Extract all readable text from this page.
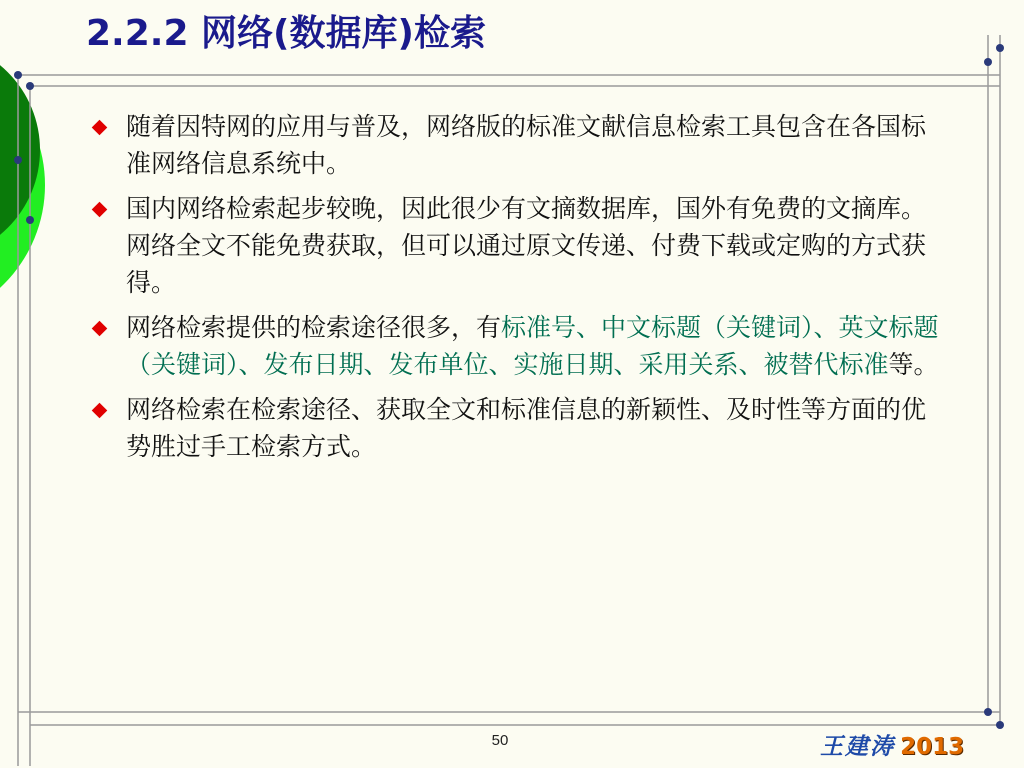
2.2.2 网络(数据库)检索
随着因特网的应用与普及，网络版的标准文献信息检索工具包含在各国标准网络信息系统中。
国内网络检索起步较晚，因此很少有文摘数据库，国外有免费的文摘库。网络全文不能免费获取，但可以通过原文传递、付费下载或定购的方式获得。
网络检索提供的检索途径很多，有标准号、中文标题（关键词）、英文标题（关键词）、发布日期、发布单位、实施日期、采用关系、被替代标准等。
网络检索在检索途径、获取全文和标准信息的新颖性、及时性等方面的优势胜过手工检索方式。
50	王建涛 2013
